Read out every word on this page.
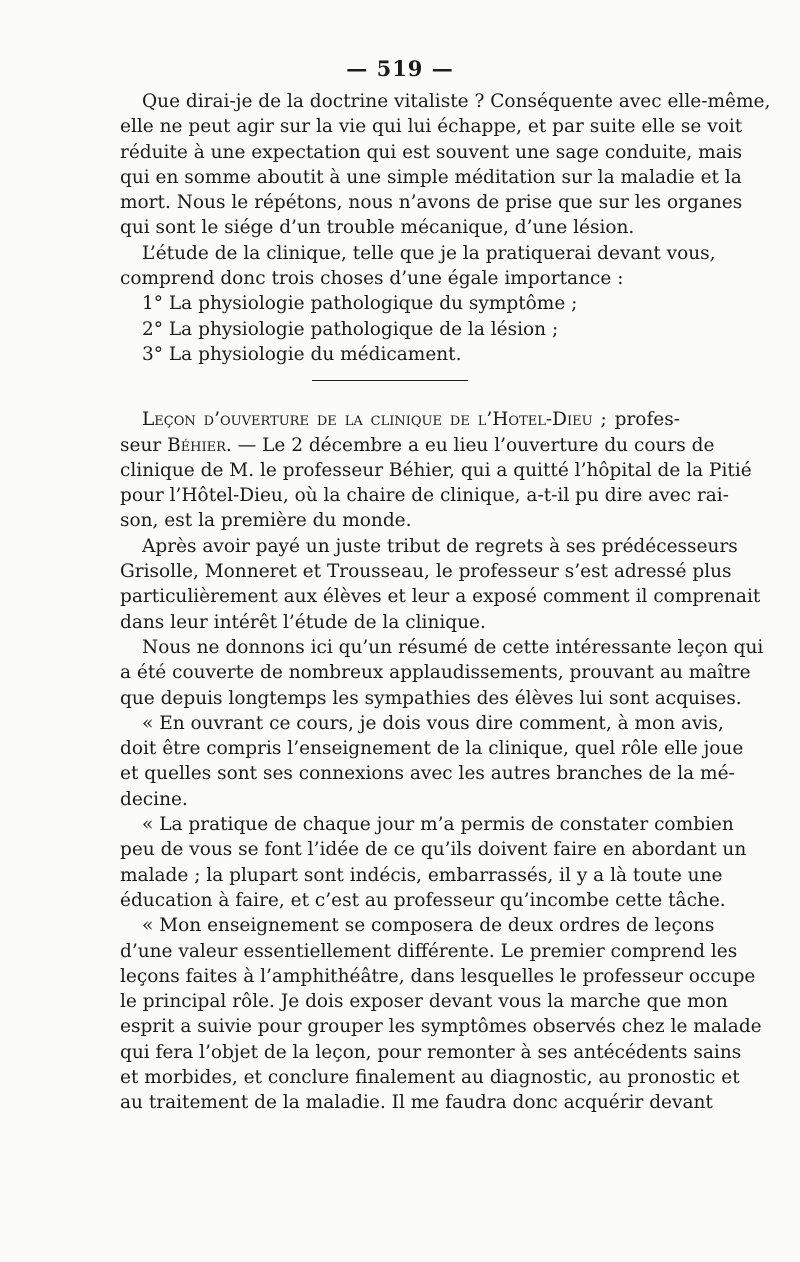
— 519 —
Que dirai-je de la doctrine vitaliste ? Conséquente avec elle-même,
elle ne peut agir sur la vie qui lui échappe, et par suite elle se voit
réduite à une expectation qui est souvent une sage conduite, mais
qui en somme aboutit à une simple méditation sur la maladie et la
mort. Nous le répétons, nous n’avons de prise que sur les organes
qui sont le siége d’un trouble mécanique, d’une lésion.
L’étude de la clinique, telle que je la pratiquerai devant vous,
comprend donc trois choses d’une égale importance :
1° La physiologie pathologique du symptôme ;
2° La physiologie pathologique de la lésion ;
3° La physiologie du médicament.
Leçon d’ouverture de la clinique de l’Hotel-Dieu ; profes-
seur Béhier. — Le 2 décembre a eu lieu l’ouverture du cours de
clinique de M. le professeur Béhier, qui a quitté l’hôpital de la Pitié
pour l’Hôtel-Dieu, où la chaire de clinique, a-t-il pu dire avec rai-
son, est la première du monde.
Après avoir payé un juste tribut de regrets à ses prédécesseurs
Grisolle, Monneret et Trousseau, le professeur s’est adressé plus
particulièrement aux élèves et leur a exposé comment il comprenait
dans leur intérêt l’étude de la clinique.
Nous ne donnons ici qu’un résumé de cette intéressante leçon qui
a été couverte de nombreux applaudissements, prouvant au maître
que depuis longtemps les sympathies des élèves lui sont acquises.
« En ouvrant ce cours, je dois vous dire comment, à mon avis,
doit être compris l’enseignement de la clinique, quel rôle elle joue
et quelles sont ses connexions avec les autres branches de la mé-
decine.
« La pratique de chaque jour m’a permis de constater combien
peu de vous se font l’idée de ce qu’ils doivent faire en abordant un
malade ; la plupart sont indécis, embarrassés, il y a là toute une
éducation à faire, et c’est au professeur qu’incombe cette tâche.
« Mon enseignement se composera de deux ordres de leçons
d’une valeur essentiellement différente. Le premier comprend les
leçons faites à l’amphithéâtre, dans lesquelles le professeur occupe
le principal rôle. Je dois exposer devant vous la marche que mon
esprit a suivie pour grouper les symptômes observés chez le malade
qui fera l’objet de la leçon, pour remonter à ses antécédents sains
et morbides, et conclure finalement au diagnostic, au pronostic et
au traitement de la maladie. Il me faudra donc acquérir devant
